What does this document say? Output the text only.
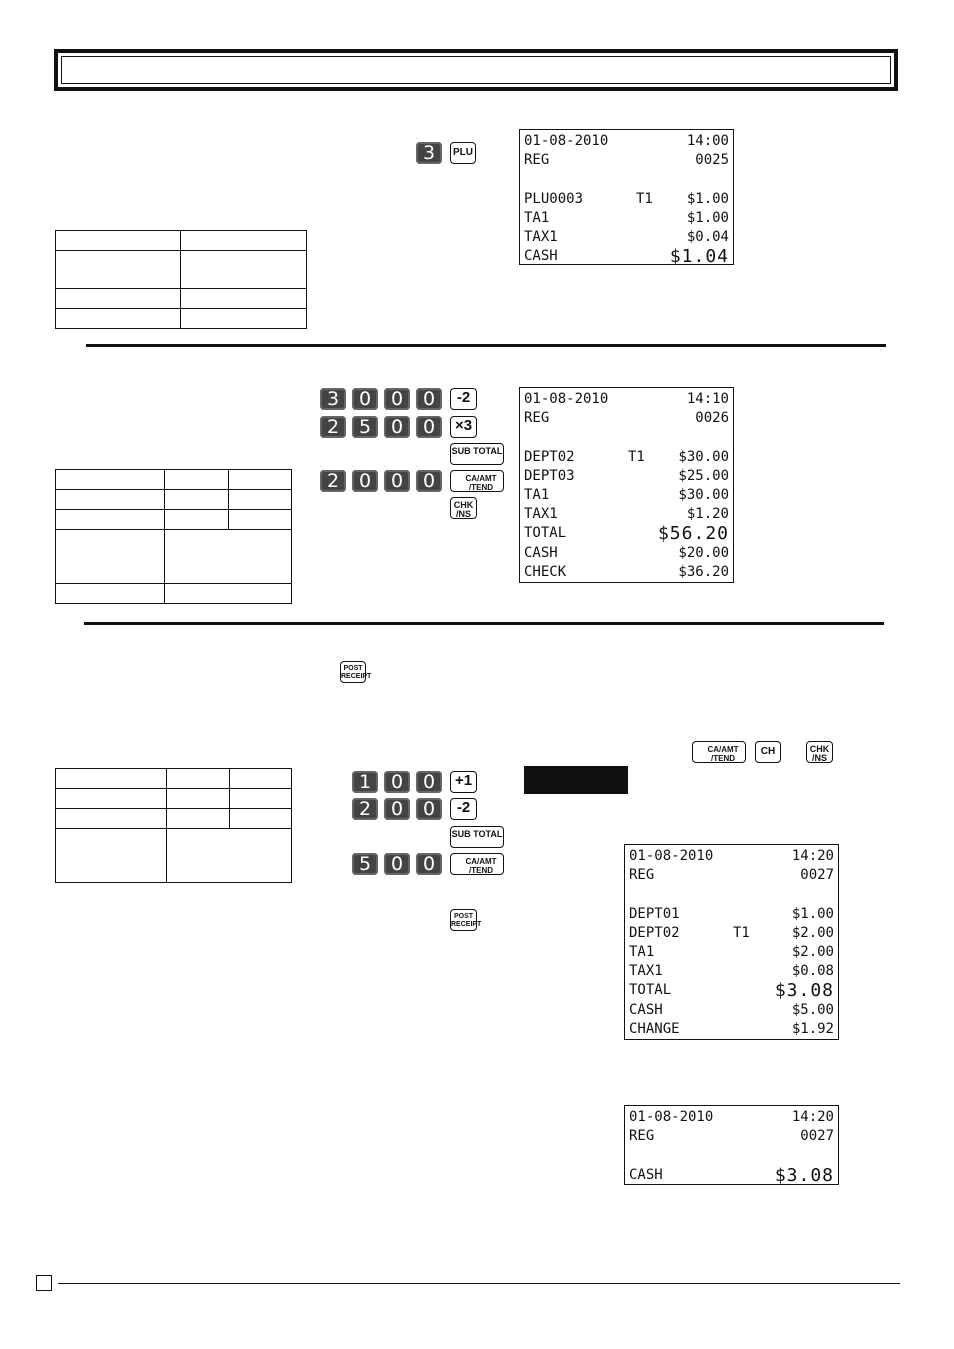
3	PLU

01-08-2010	14:00
REG	0025
PLU0003	T1 $1.00
TA1	$1.00
TAX1	$0.04
CASH	$1.04
3	0	0	0	-2
2	5	0	0	×3
SUB TOTAL
2	0	0	0	CA/AMT /TEND
CHK /NS

01-08-2010	14:10
REG	0026
DEPT02	T1 $30.00
DEPT03	$25.00
TA1	$30.00
TAX1	$1.20
TOTAL	$56.20
CASH	$20.00
CHECK	$36.20
POST RECEIPT
CA/AMT /TEND
CH	CHK /NS

1	0	0	+1
2	0	0	-2
SUB TOTAL
5	0	0	CA/AMT /TEND
POST RECEIPT
01-08-2010	14:20
REG	0027
DEPT01	$1.00
DEPT02	T1	$2.00
TA1	$2.00
TAX1	$0.08
TOTAL	$3.08
CASH	$5.00
CHANGE	$1.92
01-08-2010	14:20
REG	0027
CASH	$3.08
